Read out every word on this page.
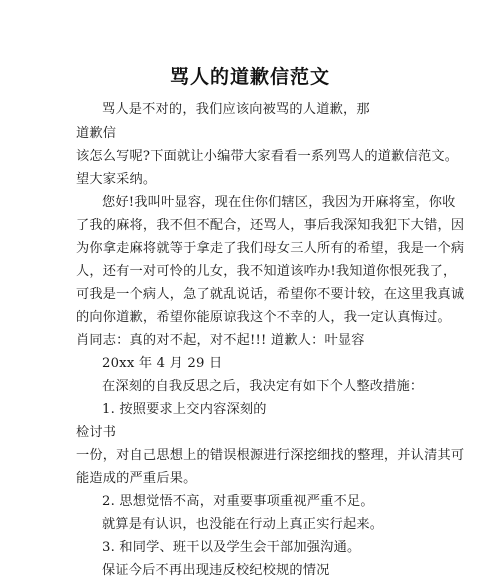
骂人的道歉信范文
骂人是不对的，我们应该向被骂的人道歉，那
道歉信
该怎么写呢?下面就让小编带大家看看一系列骂人的道歉信范文。
望大家采纳。
您好!我叫叶显容，现在住你们辖区，我因为开麻将室，你收
了我的麻将，我不但不配合，还骂人，事后我深知我犯下大错，因
为你拿走麻将就等于拿走了我们母女三人所有的希望，我是一个病
人，还有一对可怜的儿女，我不知道该咋办!我知道你恨死我了，
可我是一个病人，急了就乱说话，希望你不要计较，在这里我真诚
的向你道歉，希望你能原谅我这个不幸的人，我一定认真悔过。
肖同志：真的对不起，对不起!!! 道歉人：叶显容
20xx 年 4 月 29 日
在深刻的自我反思之后，我决定有如下个人整改措施：
1. 按照要求上交内容深刻的
检讨书
一份，对自己思想上的错误根源进行深挖细找的整理，并认清其可
能造成的严重后果。
2. 思想觉悟不高，对重要事项重视严重不足。
就算是有认识，也没能在行动上真正实行起来。
3. 和同学、班干以及学生会干部加强沟通。
保证今后不再出现违反校纪校规的情况
